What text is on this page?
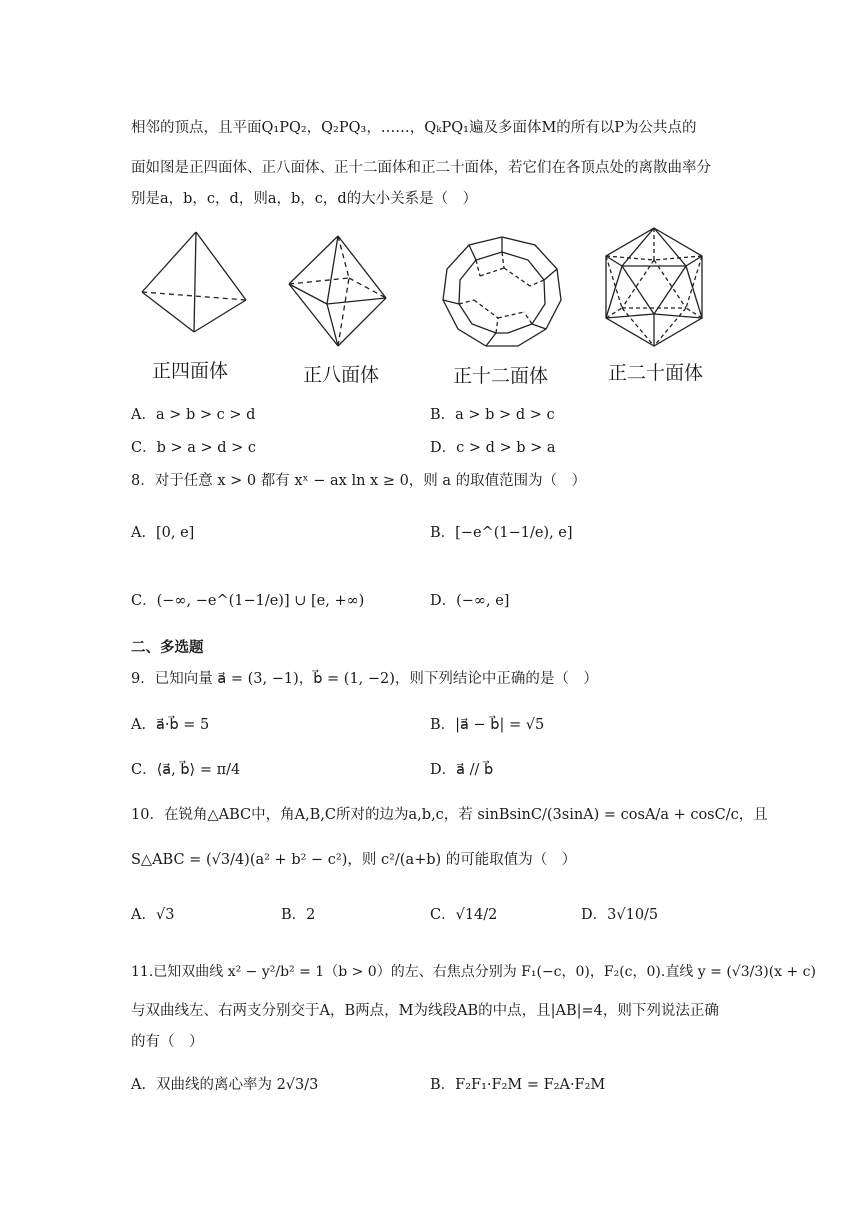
相邻的顶点，且平面Q₁PQ₂，Q₂PQ₃，……，QₖPQ₁遍及多面体M的所有以P为公共点的
面如图是正四面体、正八面体、正十二面体和正二十面体，若它们在各顶点处的离散曲率分
别是a，b，c，d，则a，b，c，d的大小关系是（　）
正四面体	正八面体	正十二面体	正二十面体
A．a > b > c > d	B．a > b > d > c
C．b > a > d > c	D．c > d > b > a
8．对于任意 x > 0 都有 xˣ − ax ln x ≥ 0，则 a 的取值范围为（　）
A．[0, e]	B．[−e^(1−1/e), e]
C．(−∞, −e^(1−1/e)] ∪ [e, +∞)	D．(−∞, e]
二、多选题
9．已知向量 a⃗ = (3, −1)，b⃗ = (1, −2)，则下列结论中正确的是（　）
A．a⃗·b⃗ = 5	B．|a⃗ − b⃗| = √5
C．⟨a⃗, b⃗⟩ = π/4	D．a⃗ // b⃗
10．在锐角△ABC中，角A,B,C所对的边为a,b,c，若 sinBsinC/(3sinA) = cosA/a + cosC/c，且
S△ABC = (√3/4)(a² + b² − c²)，则 c²/(a+b) 的可能取值为（　）
A．√3	B．2	C．√14/2	D．3√10/5
11.已知双曲线 x² − y²/b² = 1（b > 0）的左、右焦点分别为 F₁(−c，0)，F₂(c，0).直线 y = (√3/3)(x + c)
与双曲线左、右两支分别交于A，B两点，M为线段AB的中点，且|AB|=4，则下列说法正确
的有（　）
A．双曲线的离心率为 2√3/3	B．F₂F₁·F₂M = F₂A·F₂M
